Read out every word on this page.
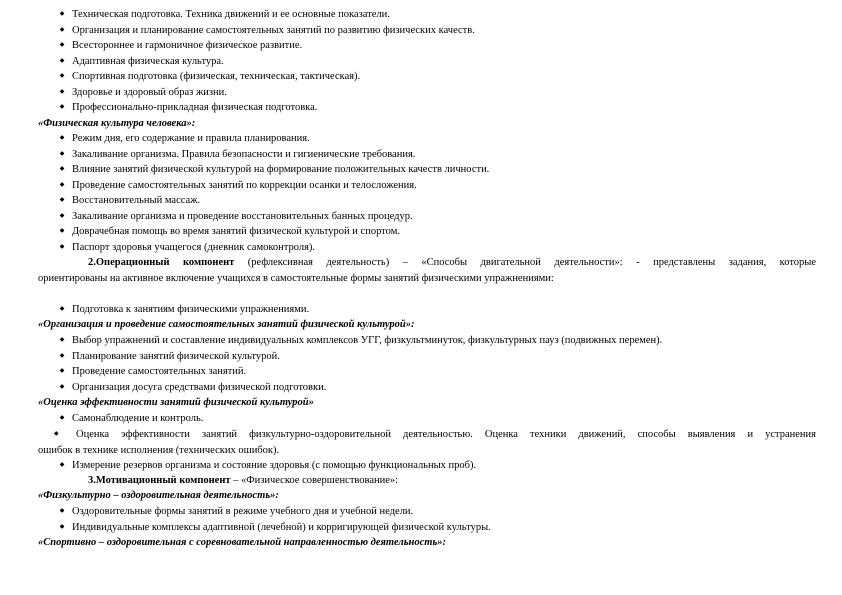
◆ Техническая подготовка. Техника движений и ее основные показатели.
◆ Организация и планирование самостоятельных занятий по развитию физических качеств.
◆ Всестороннее и гармоничное физическое развитие.
◆ Адаптивная физическая культура.
◆ Спортивная подготовка (физическая, техническая, тактическая).
◆ Здоровье и здоровый образ жизни.
◆ Профессионально-прикладная физическая подготовка.
«Физическая культура человека»:
◆ Режим дня, его содержание и правила планирования.
◆ Закаливание организма. Правила безопасности и гигиенические требования.
◆ Влияние занятий физической культурой на формирование положительных качеств личности.
◆ Проведение самостоятельных занятий по коррекции осанки и телосложения.
◆ Восстановительный массаж.
◆ Закаливание организма и проведение восстановительных банных процедур.
◆ Доврачебная помощь во время занятий физической культурой и спортом.
◆ Паспорт здоровья учащегося (дневник самоконтроля).
2.Операционный компонент (рефлексивная деятельность) – «Способы двигательной деятельности»: - представлены задания, которые
ориентированы на активное включение учащихся в самостоятельные формы занятий физическими упражнениями:
◆ Подготовка к занятиям физическими упражнениями.
«Организация и проведение самостоятельных занятий физической культурой»:
◆ Выбор упражнений и составление индивидуальных комплексов УГГ, физкультминуток, физкультурных пауз (подвижных перемен).
◆ Планирование занятий физической культурой.
◆ Проведение самостоятельных занятий.
◆ Организация досуга средствами физической подготовки.
«Оценка эффективности занятий физической культурой»
◆ Самонаблюдение и контроль.
◆	Оценка эффективности занятий физкультурно-оздоровительной деятельностью. Оценка техники движений, способы выявления и устранения
ошибок в технике исполнения (технических ошибок).
◆ Измерение резервов организма и состояние здоровья (с помощью функциональных проб).
3.Мотивационный компонент – «Физическое совершенствование»:
«Физкультурно – оздоровительная деятельность»:
◆ Оздоровительные формы занятий в режиме учебного дня и учебной недели.
◆ Индивидуальные комплексы адаптивной (лечебной) и корригирующей физической культуры.
«Спортивно – оздоровительная с соревновательной направленностью деятельность»:
